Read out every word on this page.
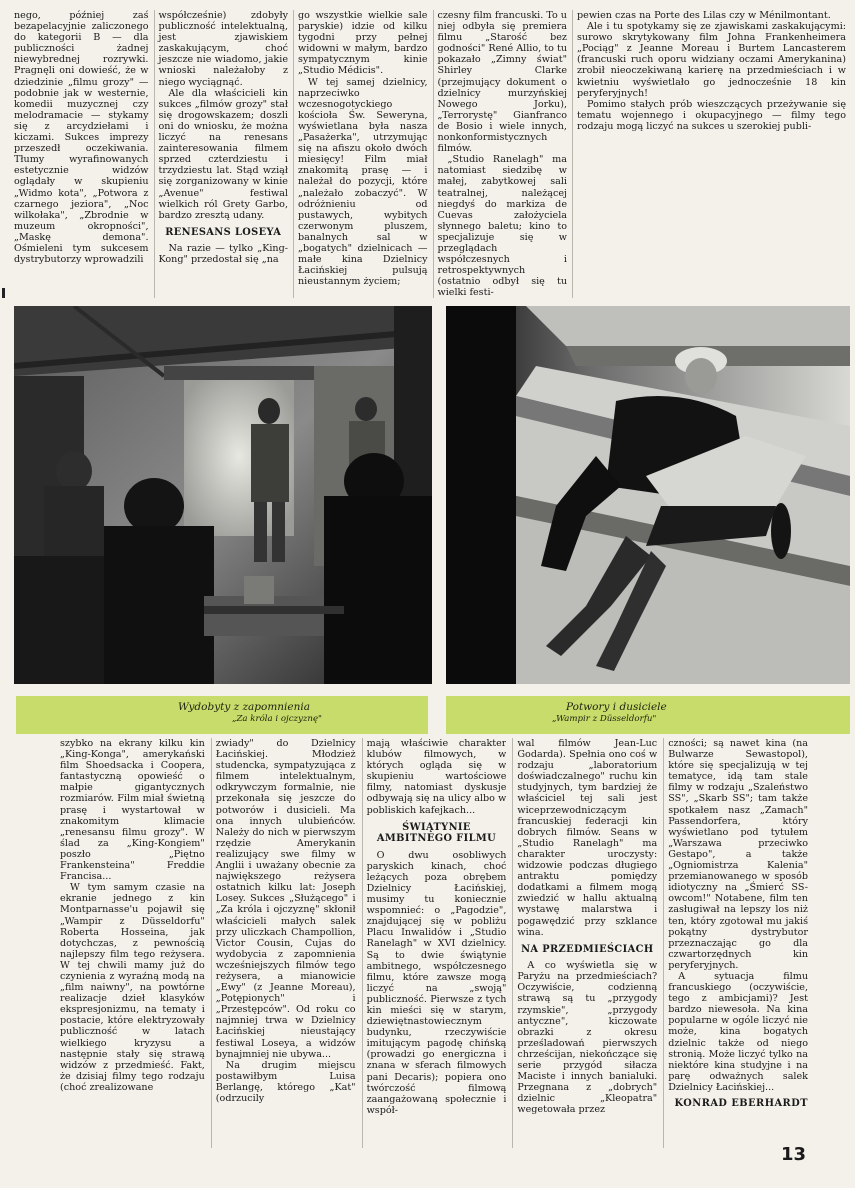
nego, później zaś bezapelacyjnie zaliczonego do kategorii B — dla publiczności żadnej niewybrednej rozrywki. Pragnęli oni dowieść, że w dziedzinie „filmu grozy" — podobnie jak w westernie, komedii muzycznej czy melodramacie — stykamy się z arcydziełami i kiczami. Sukces imprezy przeszedł oczekiwania. Tłumy wyrafinowanych estetycznie widzów oglądały w skupieniu „Widmo kota", „Potwora z czarnego jeziora", „Noc wilkołaka", „Zbrodnie w muzeum okropności", „Maskę demona". Ośmieleni tym sukcesem dystrybutorzy wprowadzili

współcześnie) zdobyły publiczność intelektualną, jest zjawiskiem zaskakującym, choć jeszcze nie wiadomo, jakie wnioski należałoby z niego wyciągnąć.

Ale dla właścicieli kin sukces „filmów grozy" stał się drogowskazem; doszli oni do wniosku, że można liczyć na renesans zainteresowania filmem sprzed czterdziestu i trzydziestu lat. Stąd wziął się zorganizowany w kinie „Avenue" festiwal wielkich ról Grety Garbo, bardzo zresztą udany.

RENESANS LOSEYA

Na razie — tylko „King-Kong" przedostał się „na

go wszystkie wielkie sale paryskie) idzie od kilku tygodni przy pełnej widowni w małym, bardzo sympatycznym kinie „Studio Médicis".

W tej samej dzielnicy, naprzeciwko wczesnogotyckiego kościoła Św. Seweryna, wyświetlana była nasza „Pasażerka", utrzymując się na afiszu około dwóch miesięcy! Film miał znakomitą prasę — i należał do pozycji, które „należało zobaczyć". W odróżnieniu od pustawych, wybitych czerwonym pluszem, banalnych sal w „bogatych" dzielnicach — małe kina Dzielnicy Łacińskiej pulsują nieustannym życiem;

czesny film francuski. To u niej odbyła się premiera filmu „Starość bez godności" René Allio, to tu pokazało „Zimny świat" Shirley Clarke (przejmujący dokument o dzielnicy murzyńskiej Nowego Jorku), „Terrorystę" Gianfranco de Bosio i wiele innych, nonkonformistycznych filmów.

„Studio Ranelagh" ma natomiast siedzibę w małej, zabytkowej sali teatralnej, należącej niegdyś do markiza de Cuevas założyciela słynnego baletu; kino to specjalizuje się w przeglądach współczesnych i retrospektywnych (ostatnio odbył się tu wielki festi-

pewien czas na Porte des Lilas czy w Ménilmontant.

Ale i tu spotykamy się ze zjawiskami zaskakującymi: surowo skrytykowany film Johna Frankenheimera „Pociąg" z Jeanne Moreau i Burtem Lancasterem (francuski ruch oporu widziany oczami Amerykanina) zrobił nieoczekiwaną karierę na przedmieściach i w kwietniu wyświetlało go jednocześnie 18 kin peryferyjnych!

Pomimo stałych prób wieszczących przeżywanie się tematu wojennego i okupacyjnego — filmy tego rodzaju mogą liczyć na sukces u szerokiej publi-

Wydobyty z zapomnienia
„Za króla i ojczyznę"
Potwory i dusiciele
„Wampir z Düsseldorfu"

szybko na ekrany kilku kin „King-Konga", amerykański film Shoedsacka i Coopera, fantastyczną opowieść o małpie gigantycznych rozmiarów. Film miał świetną prasę i wystartował w znakomitym klimacie „renesansu filmu grozy". W ślad za „King-Kongiem" poszło „Piętno Frankensteina" Freddie Francisa...

W tym samym czasie na ekranie jednego z kin Montparnasse'u pojawił się „Wampir z Düsseldorfu" Roberta Hosseina, jak dotychczas, z pewnością najlepszy film tego reżysera. W tej chwili mamy już do czynienia z wyraźną modą na „film naiwny", na powtórne realizacje dzieł klasyków ekspresjonizmu, na tematy i postacie, które elektryzowały publiczność w latach wielkiego kryzysu a następnie stały się strawą widzów z przedmieść. Fakt, że dzisiaj filmy tego rodzaju (choć zrealizowane

zwiady" do Dzielnicy Łacińskiej. Młodzież studencka, sympatyzująca z filmem intelektualnym, odkrywczym formalnie, nie przekonała się jeszcze do potworów i dusicieli. Ma ona innych ulubieńców. Należy do nich w pierwszym rzędzie Amerykanin realizujący swe filmy w Anglii i uważany obecnie za największego reżysera ostatnich kilku lat: Joseph Losey. Sukces „Służącego" i „Za króla i ojczyznę" skłonił właścicieli małych salek przy uliczkach Champollion, Victor Cousin, Cujas do wydobycia z zapomnienia wcześniejszych filmów tego reżysera, a mianowicie „Ewy" (z Jeanne Moreau), „Potępionych" i „Przestępców". Od roku co najmniej trwa w Dzielnicy Łacińskiej nieustający festiwal Loseya, a widzów bynajmniej nie ubywa...

Na drugim miejscu postawiłbym Luisa Berlangę, którego „Kat" (odrzucily

mają właściwie charakter klubów filmowych, w których ogląda się w skupieniu wartościowe filmy, natomiast dyskusje odbywają się na ulicy albo w pobliskich kafejkach...

ŚWIĄTYNIE AMBITNEGO FILMU

O dwu osobliwych paryskich kinach, choć leżących poza obrębem Dzielnicy Łacińskiej, musimy tu koniecznie wspomnieć: o „Pagodzie", znajdującej się w pobliżu Placu Inwalidów i „Studio Ranelagh" w XVI dzielnicy. Są to dwie świątynie ambitnego, współczesnego filmu, które zawsze mogą liczyć na „swoją" publiczność. Pierwsze z tych kin mieści się w starym, dziewiętnastowiecznym budynku, rzeczywiście imitującym pagodę chińską (prowadzi go energiczna i znana w sferach filmowych pani Decaris); popiera ono twórczość filmową zaangażowaną społecznie i współ-

wal filmów Jean-Luc Godarda). Spełnia ono coś w rodzaju „laboratorium doświadczalnego" ruchu kin studyjnych, tym bardziej że właściciel tej sali jest wiceprzewodniczącym francuskiej federacji kin dobrych filmów. Seans w „Studio Ranelagh" ma charakter uroczysty: widzowie podczas długiego antraktu pomiędzy dodatkami a filmem mogą zwiedzić w hallu aktualną wystawę malarstwa i pogawędzić przy szklance wina.

NA PRZEDMIEŚCIACH

A co wyświetla się w Paryżu na przedmieściach? Oczywiście, codzienną strawą są tu „przygody rzymskie", „przygody antyczne", kiczowate obrazki z okresu prześladowań pierwszych chrześcijan, niekończące się serie przygód siłacza Maciste i innych banialuki. Przegnana z „dobrych" dzielnic „Kleopatra" wegetowała przez

czności; są nawet kina (na Bulwarze Sewastopol), które się specjalizują w tej tematyce, idą tam stale filmy w rodzaju „Szaleństwo SS", „Skarb SS"; tam także spotkałem nasz „Zamach" Passendorfera, który wyświetlano pod tytułem „Warszawa przeciwko Gestapo", a także „Ogniomistrza Kalenia" przemianowanego w sposób idiotyczny na „Śmierć SS-owcom!" Notabene, film ten zasługiwał na lepszy los niż ten, który zgotował mu jakiś pokątny dystrybutor przeznaczając go dla czwartorzędnych kin peryferyjnych.

A sytuacja filmu francuskiego (oczywiście, tego z ambicjami)? Jest bardzo niewesoła. Na kina popularne w ogóle liczyć nie może, kina bogatych dzielnic także od niego stronią. Może liczyć tylko na niektóre kina studyjne i na parę odważnych salek Dzielnicy Łacińskiej...

KONRAD EBERHARDT
13
